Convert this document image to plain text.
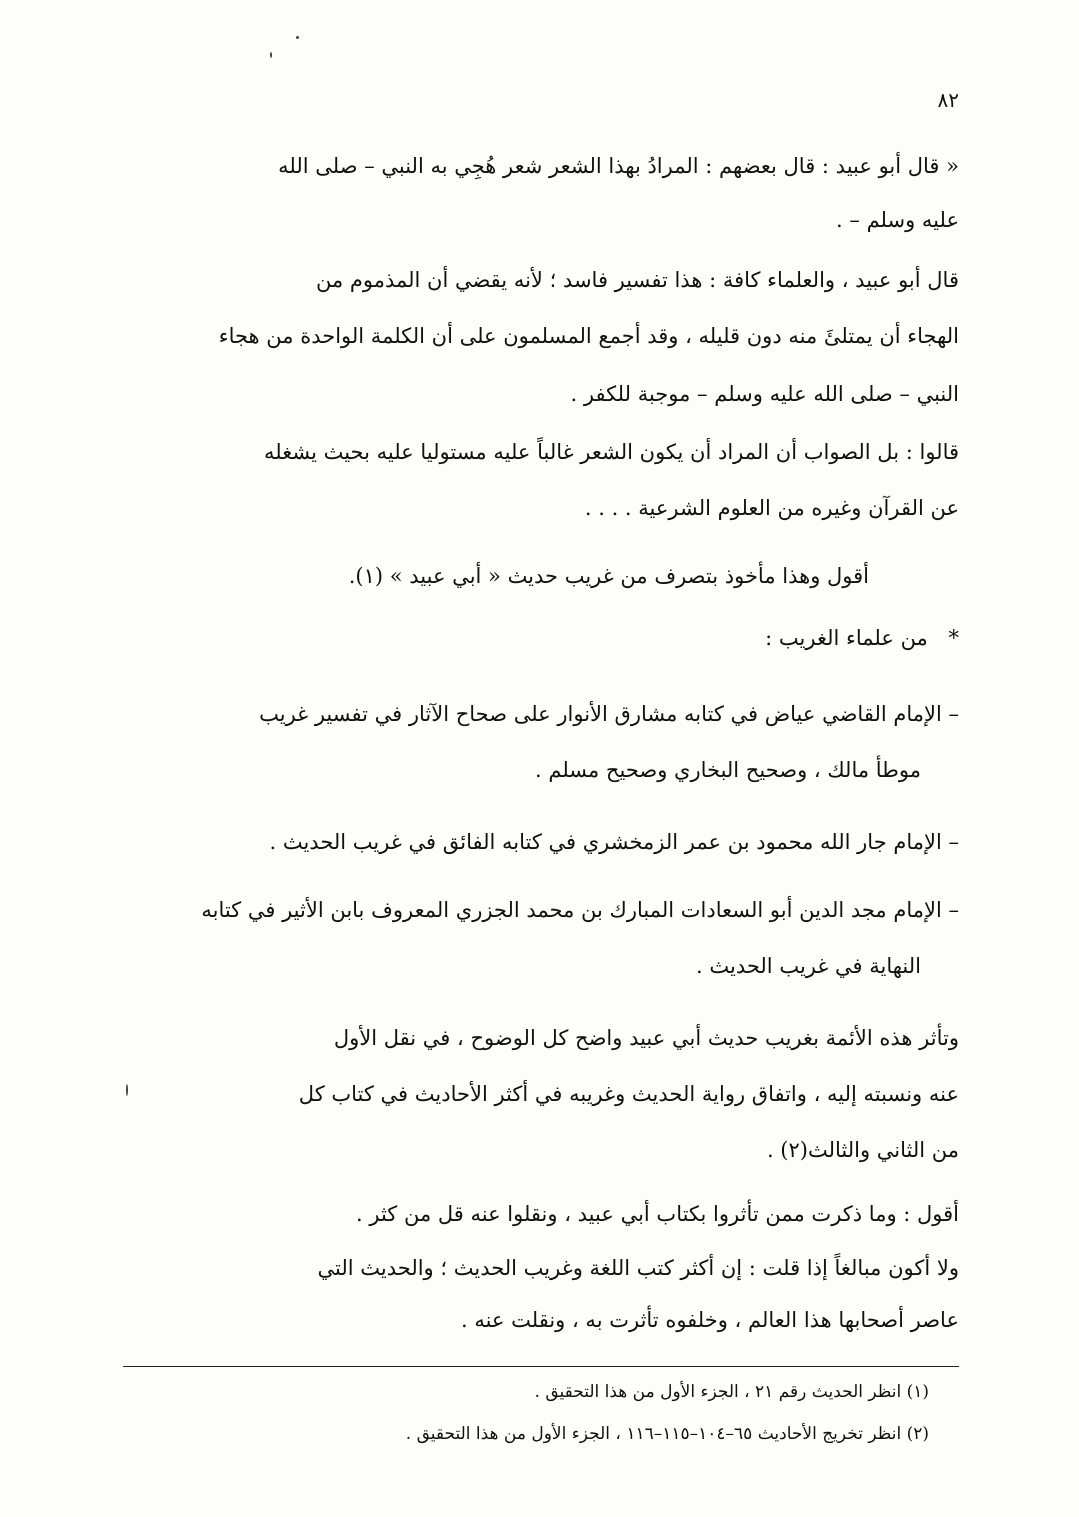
٨٢
« قال أبو عبيد : قال بعضهم : المرادُ بهذا الشعر شعر هُجِي به النبي – صلى الله
عليه وسلم – .
قال أبو عبيد ، والعلماء كافة : هذا تفسير فاسد ؛ لأنه يقضي أن المذموم من
الهجاء أن يمتلئَ منه دون قليله ، وقد أجمع المسلمون على أن الكلمة الواحدة من هجاء
النبي – صلى الله عليه وسلم – موجبة للكفر .
قالوا : بل الصواب أن المراد أن يكون الشعر غالباً عليه مستوليا عليه بحيث يشغله
عن القرآن وغيره من العلوم الشرعية . . . .
أقول وهذا مأخوذ بتصرف من غريب حديث « أبي عبيد » (١).
* من علماء الغريب :
– الإمام القاضي عياض في كتابه مشارق الأنوار على صحاح الآثار في تفسير غريب
موطأ مالك ، وصحيح البخاري وصحيح مسلم .
– الإمام جار الله محمود بن عمر الزمخشري في كتابه الفائق في غريب الحديث .
– الإمام مجد الدين أبو السعادات المبارك بن محمد الجزري المعروف بابن الأثير في كتابه
النهاية في غريب الحديث .
وتأثر هذه الأئمة بغريب حديث أبي عبيد واضح كل الوضوح ، في نقل الأول
عنه ونسبته إليه ، واتفاق رواية الحديث وغريبه في أكثر الأحاديث في كتاب كل
من الثاني والثالث(٢) .
أقول : وما ذكرت ممن تأثروا بكتاب أبي عبيد ، ونقلوا عنه قل من كثر .
ولا أكون مبالغاً إذا قلت : إن أكثر كتب اللغة وغريب الحديث ؛ والحديث التي
عاصر أصحابها هذا العالم ، وخلفوه تأثرت به ، ونقلت عنه .
(١) انظر الحديث رقم ٢١ ، الجزء الأول من هذا التحقيق .
(٢) انظر تخريج الأحاديث ٦٥–١٠٤–١١٥–١١٦ ، الجزء الأول من هذا التحقيق .
